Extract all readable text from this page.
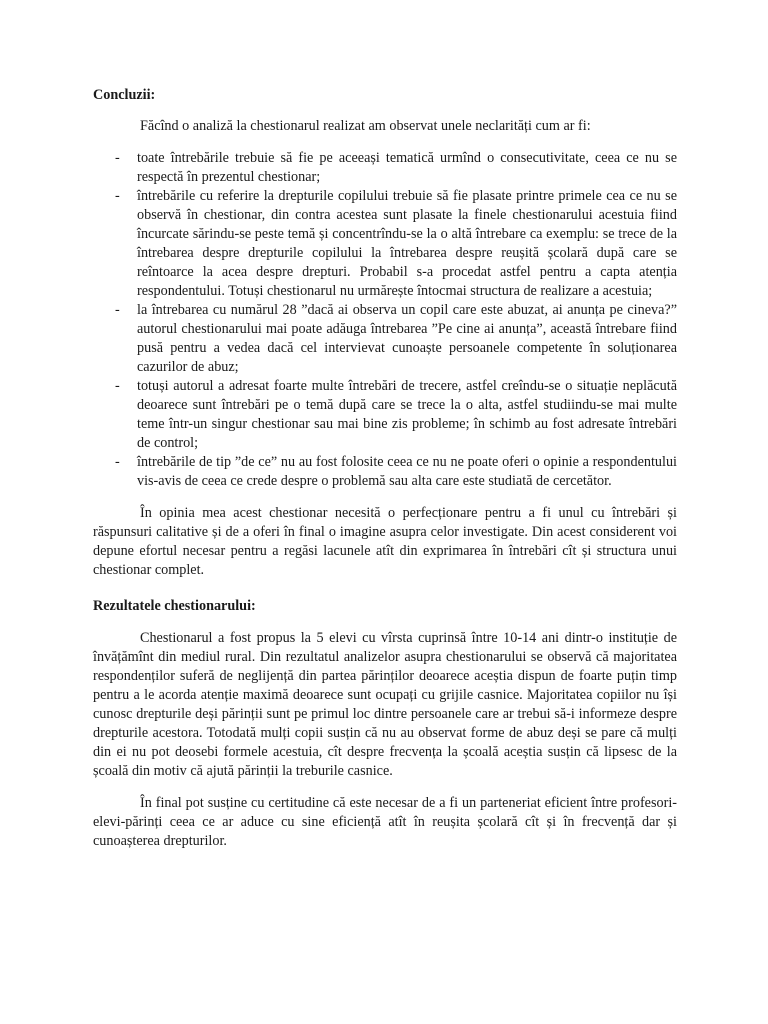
Concluzii:

Făcînd o analiză la chestionarul realizat am observat unele neclarități cum ar fi:

- toate întrebările trebuie să fie pe aceeași tematică urmînd o consecutivitate, ceea ce nu se respectă în prezentul chestionar;
- întrebările cu referire la drepturile copilului trebuie să fie plasate printre primele cea ce nu se observă în chestionar, din contra acestea sunt plasate la finele chestionarului acestuia fiind încurcate sărindu-se peste temă și concentrîndu-se la o altă întrebare ca exemplu: se trece de la întrebarea despre drepturile copilului la întrebarea despre reușită școlară după care se reîntoarce la acea despre drepturi. Probabil s-a procedat astfel pentru a capta atenția respondentului. Totuși chestionarul nu urmărește întocmai structura de realizare a acestuia;
- la întrebarea cu numărul 28 ”dacă ai observa un copil care este abuzat, ai anunța pe cineva?” autorul chestionarului mai poate adăuga întrebarea ”Pe cine ai anunța”, această întrebare fiind pusă pentru a vedea dacă cel intervievat cunoaște persoanele competente în soluționarea cazurilor de abuz;
- totuși autorul a adresat foarte multe întrebări de trecere, astfel creîndu-se o situație neplăcută deoarece sunt întrebări pe o temă după care se trece la o alta, astfel studiindu-se mai multe teme într-un singur chestionar sau mai bine zis probleme; în schimb au fost adresate întrebări de control;
- întrebările de tip ”de ce” nu au fost folosite ceea ce nu ne poate oferi o opinie a respondentului vis-avis de ceea ce crede despre o problemă sau alta care este studiată de cercetător.

În opinia mea acest chestionar necesită o perfecționare pentru a fi unul cu întrebări și răspunsuri calitative și de a oferi în final o imagine asupra celor investigate. Din acest considerent voi depune efortul necesar pentru a regăsi lacunele atît din exprimarea în întrebări cît și structura unui chestionar complet.

Rezultatele chestionarului:

Chestionarul a fost propus la 5 elevi cu vîrsta cuprinsă între 10-14 ani dintr-o instituție de învățămînt din mediul rural. Din rezultatul analizelor asupra chestionarului se observă că majoritatea respondenților suferă de neglijență din partea părinților deoarece aceștia dispun de foarte puțin timp pentru a le acorda atenție maximă deoarece sunt ocupați cu grijile casnice. Majoritatea copiilor nu își cunosc drepturile deși părinții sunt pe primul loc dintre persoanele care ar trebui să-i informeze despre drepturile acestora. Totodată mulți copii susțin că nu au observat forme de abuz deși se pare că mulți din ei nu pot deosebi formele acestuia, cît despre frecvența la școală aceștia susțin că lipsesc de la școală din motiv că ajută părinții la treburile casnice.

În final pot susține cu certitudine că este necesar de a fi un parteneriat eficient între profesori-elevi-părinți ceea ce ar aduce cu sine eficiență atît în reușita școlară cît și în frecvență dar și cunoașterea drepturilor.
